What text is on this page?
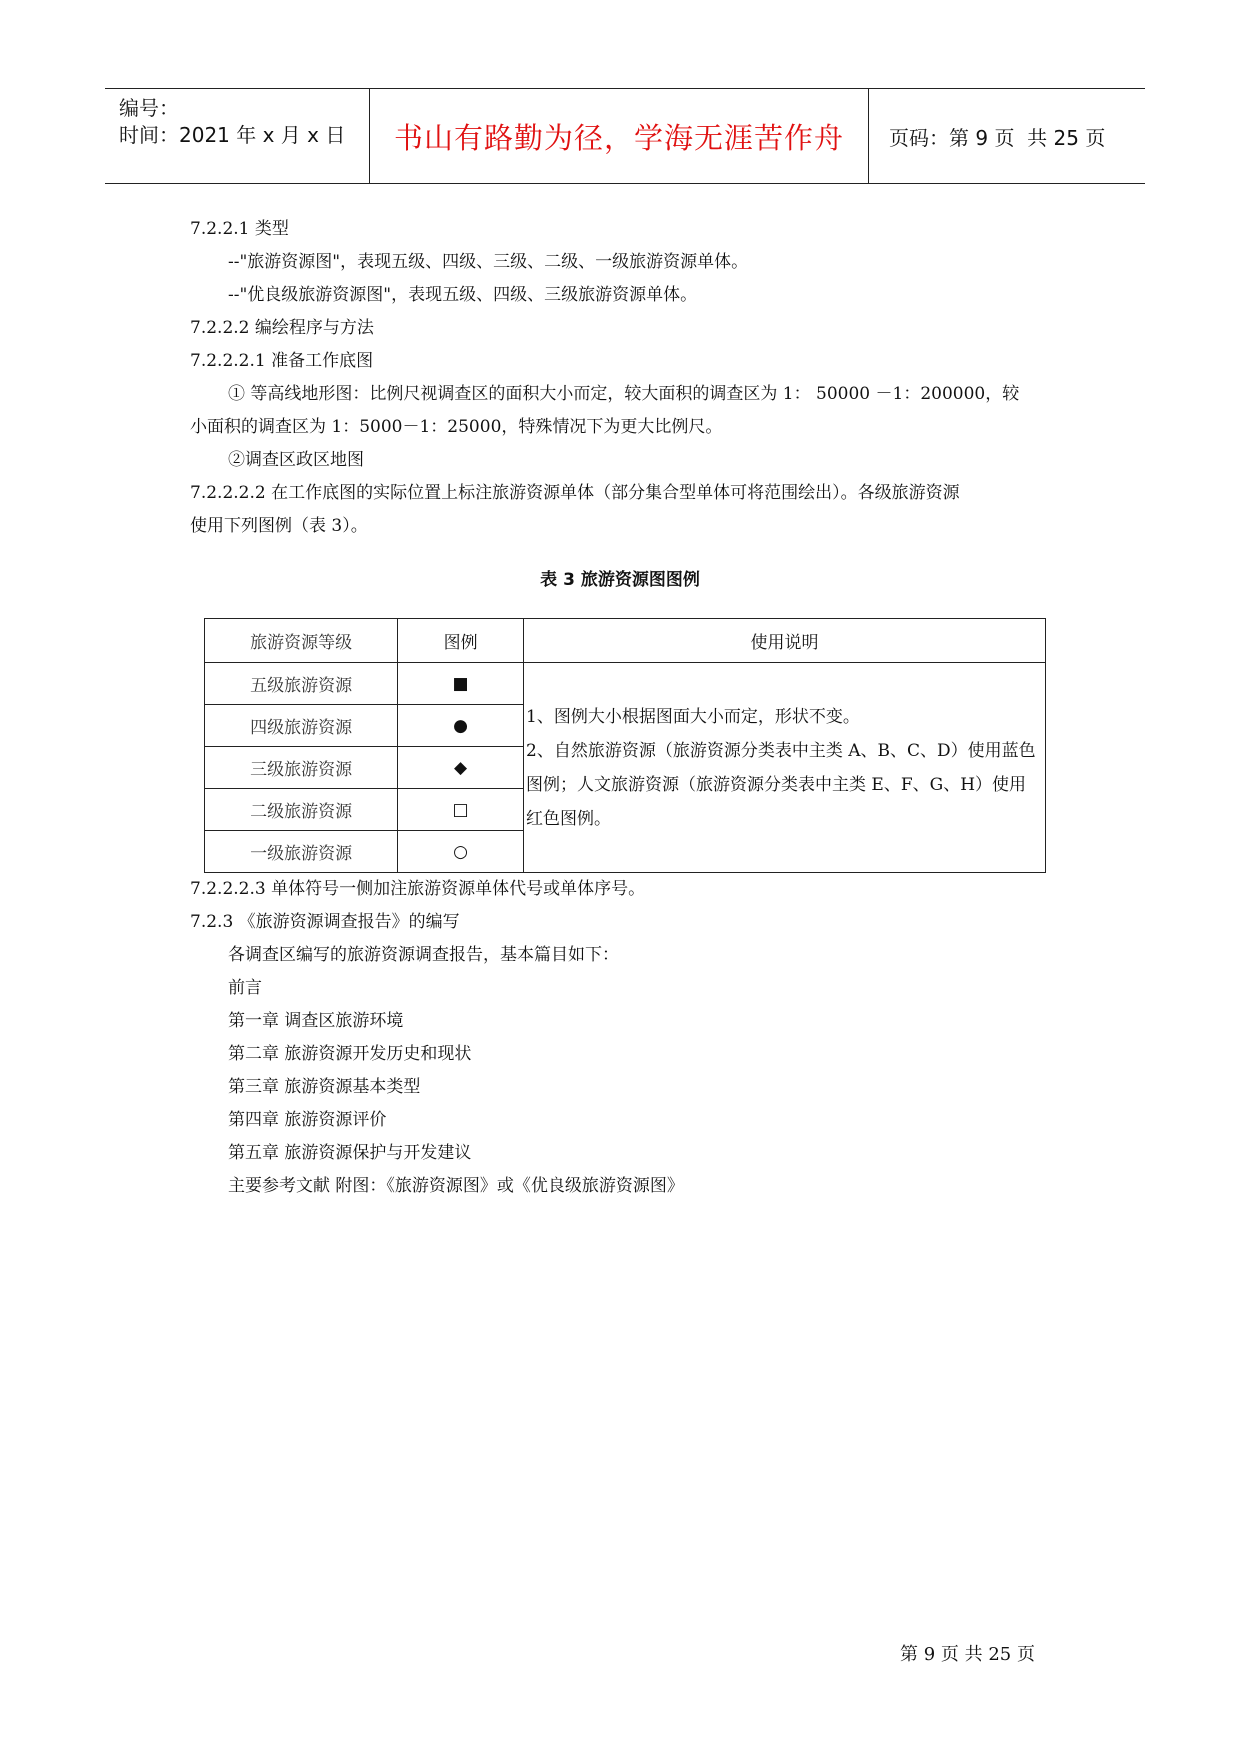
编号：
时间：2021 年 x 月 x 日	书山有路勤为径，学海无涯苦作舟	页码：第 9 页  共 25 页
7.2.2.1 类型
--"旅游资源图"，表现五级、四级、三级、二级、一级旅游资源单体。
--"优良级旅游资源图"，表现五级、四级、三级旅游资源单体。
7.2.2.2 编绘程序与方法
7.2.2.2.1 准备工作底图
① 等高线地形图：比例尺视调查区的面积大小而定，较大面积的调查区为 1： 50000 －1：200000，较
小面积的调查区为 1：5000－1：25000，特殊情况下为更大比例尺。
②调查区政区地图
7.2.2.2.2 在工作底图的实际位置上标注旅游资源单体（部分集合型单体可将范围绘出）。各级旅游资源
使用下列图例（表 3）。
表 3 旅游资源图图例
旅游资源等级	图例	使用说明
五级旅游资源	■	1、图例大小根据图面大小而定，形状不变。
2、自然旅游资源（旅游资源分类表中主类 A、B、C、D）使用蓝色图例；人文旅游资源（旅游资源分类表中主类 E、F、G、H）使用红色图例。

四级旅游资源	●	
三级旅游资源	◆	
二级旅游资源	□	
一级旅游资源	○	
7.2.2.2.3 单体符号一侧加注旅游资源单体代号或单体序号。
7.2.3 《旅游资源调查报告》的编写
各调查区编写的旅游资源调查报告，基本篇目如下：
前言
第一章 调查区旅游环境
第二章 旅游资源开发历史和现状
第三章 旅游资源基本类型
第四章 旅游资源评价
第五章 旅游资源保护与开发建议
主要参考文献 附图：《旅游资源图》或《优良级旅游资源图》
第 9 页 共 25 页
